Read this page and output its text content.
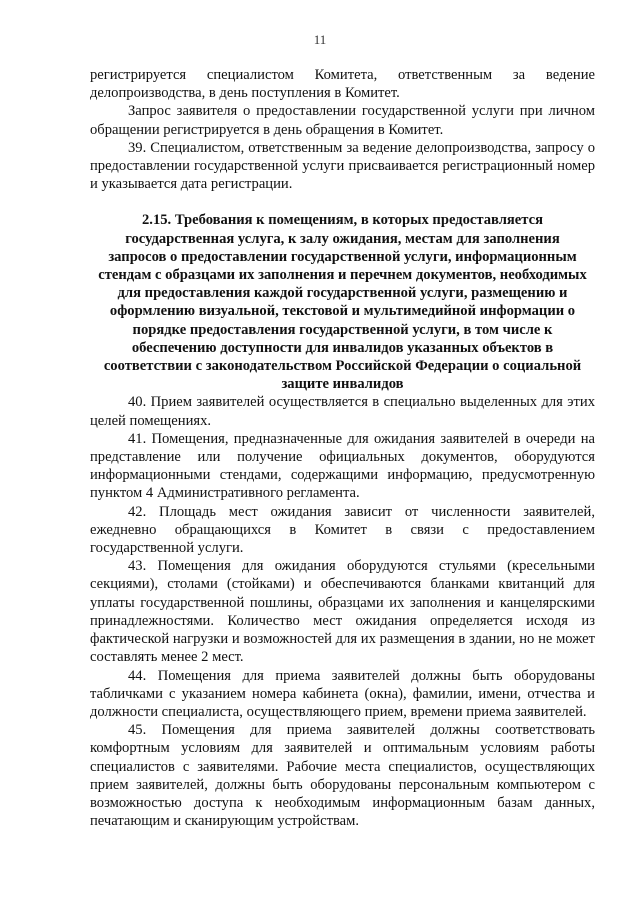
11

регистрируется специалистом Комитета, ответственным за ведение делопроизводства, в день поступления в Комитет.

Запрос заявителя о предоставлении государственной услуги при личном обращении регистрируется в день обращения в Комитет.

39. Специалистом, ответственным за ведение делопроизводства, запросу о предоставлении государственной услуги присваивается регистрационный номер и указывается дата регистрации.

2.15. Требования к помещениям, в которых предоставляется государственная услуга, к залу ожидания, местам для заполнения запросов о предоставлении государственной услуги, информационным стендам с образцами их заполнения и перечнем документов, необходимых для предоставления каждой государственной услуги, размещению и оформлению визуальной, текстовой и мультимедийной информации о порядке предоставления государственной услуги, в том числе к обеспечению доступности для инвалидов указанных объектов в соответствии с законодательством Российской Федерации о социальной защите инвалидов

40. Прием заявителей осуществляется в специально выделенных для этих целей помещениях.

41. Помещения, предназначенные для ожидания заявителей в очереди на представление или получение официальных документов, оборудуются информационными стендами, содержащими информацию, предусмотренную пунктом 4 Административного регламента.

42. Площадь мест ожидания зависит от численности заявителей, ежедневно обращающихся в Комитет в связи с предоставлением государственной услуги.

43. Помещения для ожидания оборудуются стульями (кресельными секциями), столами (стойками) и обеспечиваются бланками квитанций для уплаты государственной пошлины, образцами их заполнения и канцелярскими принадлежностями. Количество мест ожидания определяется исходя из фактической нагрузки и возможностей для их размещения в здании, но не может составлять менее 2 мест.

44. Помещения для приема заявителей должны быть оборудованы табличками с указанием номера кабинета (окна), фамилии, имени, отчества и должности специалиста, осуществляющего прием, времени приема заявителей.

45. Помещения для приема заявителей должны соответствовать комфортным условиям для заявителей и оптимальным условиям работы специалистов с заявителями. Рабочие места специалистов, осуществляющих прием заявителей, должны быть оборудованы персональным компьютером с возможностью доступа к необходимым информационным базам данных, печатающим и сканирующим устройствам.
